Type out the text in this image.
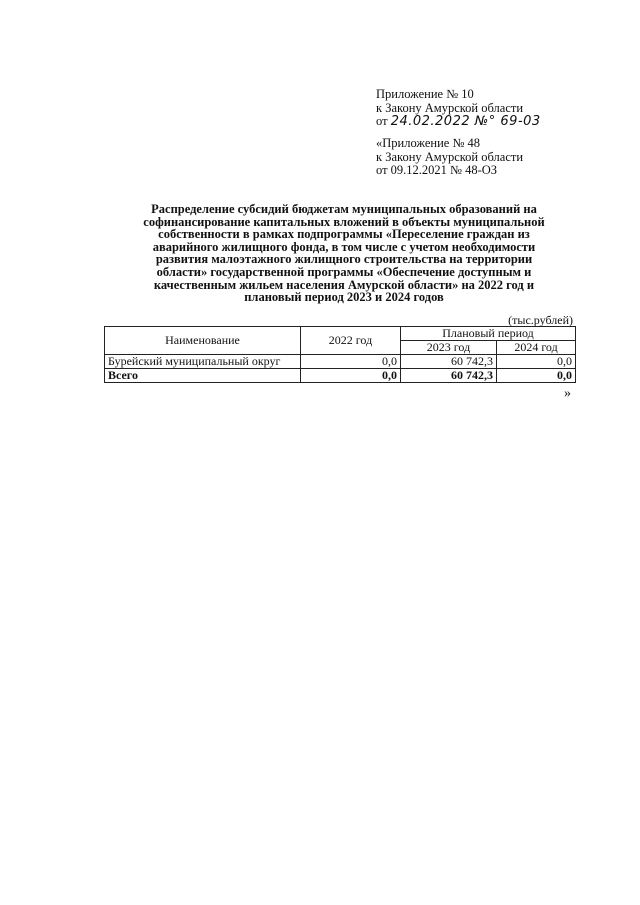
Приложение № 10
к Закону Амурской области
от 24.02.2022 №° 69-03
«Приложение № 48
к Закону Амурской области
от 09.12.2021 № 48-ОЗ
Распределение субсидий бюджетам муниципальных образований на
софинансирование капитальных вложений в объекты муниципальной
собственности в рамках подпрограммы «Переселение граждан из
аварийного жилищного фонда, в том числе с учетом необходимости
развития малоэтажного жилищного строительства на территории
области» государственной программы «Обеспечение доступным и
качественным жильем населения Амурской области» на 2022 год и
плановый период 2023 и 2024 годов
(тыс.рублей)
Наименование	2022 год	Плановый период	
		2023 год	2024 год
Бурейский муниципальный округ	0,0	60 742,3	0,0
Всего	0,0	60 742,3	0,0
»
